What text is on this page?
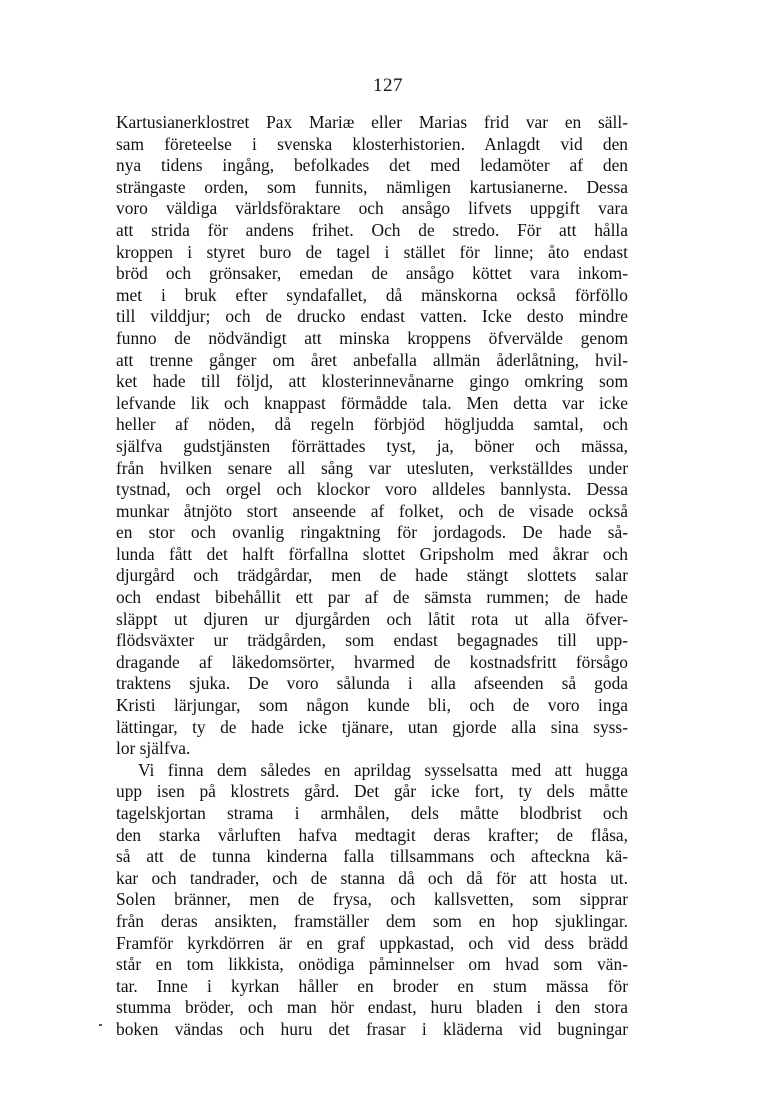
127
Kartusianerklostret Pax Mariæ eller Marias frid var en säll-
sam företeelse i svenska klosterhistorien. Anlagdt vid den
nya tidens ingång, befolkades det med ledamöter af den
strängaste orden, som funnits, nämligen kartusianerne. Dessa
voro väldiga världsföraktare och ansågo lifvets uppgift vara
att strida för andens frihet. Och de stredo. För att hålla
kroppen i styret buro de tagel i stället för linne; åto endast
bröd och grönsaker, emedan de ansågo köttet vara inkom-
met i bruk efter syndafallet, då mänskorna också förföllo
till vilddjur; och de drucko endast vatten. Icke desto mindre
funno de nödvändigt att minska kroppens öfvervälde genom
att trenne gånger om året anbefalla allmän åderlåtning, hvil-
ket hade till följd, att klosterinnevånarne gingo omkring som
lefvande lik och knappast förmådde tala. Men detta var icke
heller af nöden, då regeln förbjöd högljudda samtal, och
själfva gudstjänsten förrättades tyst, ja, böner och mässa,
från hvilken senare all sång var utesluten, verkställdes under
tystnad, och orgel och klockor voro alldeles bannlysta. Dessa
munkar åtnjöto stort anseende af folket, och de visade också
en stor och ovanlig ringaktning för jordagods. De hade så-
lunda fått det halft förfallna slottet Gripsholm med åkrar och
djurgård och trädgårdar, men de hade stängt slottets salar
och endast bibehållit ett par af de sämsta rummen; de hade
släppt ut djuren ur djurgården och låtit rota ut alla öfver-
flödsväxter ur trädgården, som endast begagnades till upp-
dragande af läkedomsörter, hvarmed de kostnadsfritt försågo
traktens sjuka. De voro sålunda i alla afseenden så goda
Kristi lärjungar, som någon kunde bli, och de voro inga
lättingar, ty de hade icke tjänare, utan gjorde alla sina syss-
lor själfva.
Vi finna dem således en aprildag sysselsatta med att hugga
upp isen på klostrets gård. Det går icke fort, ty dels måtte
tagelskjortan strama i armhålen, dels måtte blodbrist och
den starka vårluften hafva medtagit deras krafter; de flåsa,
så att de tunna kinderna falla tillsammans och afteckna kä-
kar och tandrader, och de stanna då och då för att hosta ut.
Solen bränner, men de frysa, och kallsvetten, som sipprar
från deras ansikten, framställer dem som en hop sjuklingar.
Framför kyrkdörren är en graf uppkastad, och vid dess brädd
står en tom likkista, onödiga påminnelser om hvad som vän-
tar. Inne i kyrkan håller en broder en stum mässa för
stumma bröder, och man hör endast, huru bladen i den stora
boken vändas och huru det frasar i kläderna vid bugningar
